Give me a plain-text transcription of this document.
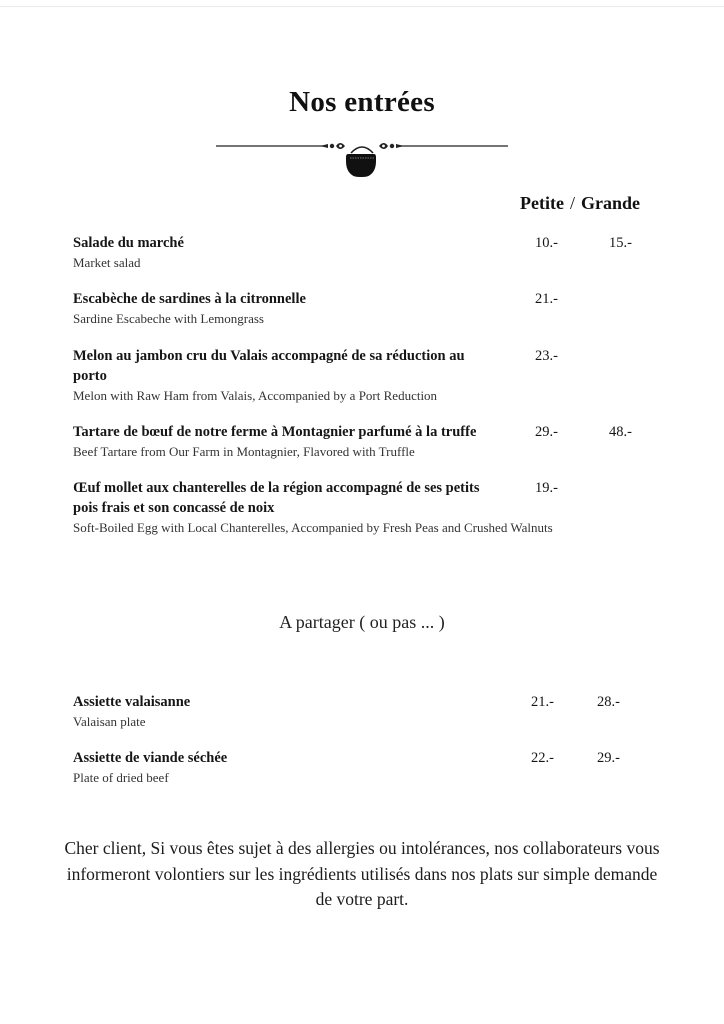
Nos entrées
Petite / Grande
Salade du marché
Market salad
10.-	15.-
Escabèche de sardines à la citronnelle
Sardine Escabeche with Lemongrass
21.-
Melon au jambon cru du Valais accompagné de sa réduction au porto
Melon with Raw Ham from Valais, Accompanied by a Port Reduction
23.-
Tartare de bœuf de notre ferme à Montagnier parfumé à la truffe
Beef Tartare from Our Farm in Montagnier, Flavored with Truffle
29.-	48.-
Œuf mollet aux chanterelles de la région accompagné de ses petits pois frais et son concassé de noix
Soft-Boiled Egg with Local Chanterelles, Accompanied by Fresh Peas and Crushed Walnuts
19.-
A partager ( ou pas ... )
Assiette valaisanne
Valaisan plate
21.-	28.-
Assiette de viande séchée
Plate of dried beef
22.-	29.-
Cher client, Si vous êtes sujet à des allergies ou intolérances, nos collaborateurs vous informeront volontiers sur les ingrédients utilisés dans nos plats sur simple demande de votre part.
